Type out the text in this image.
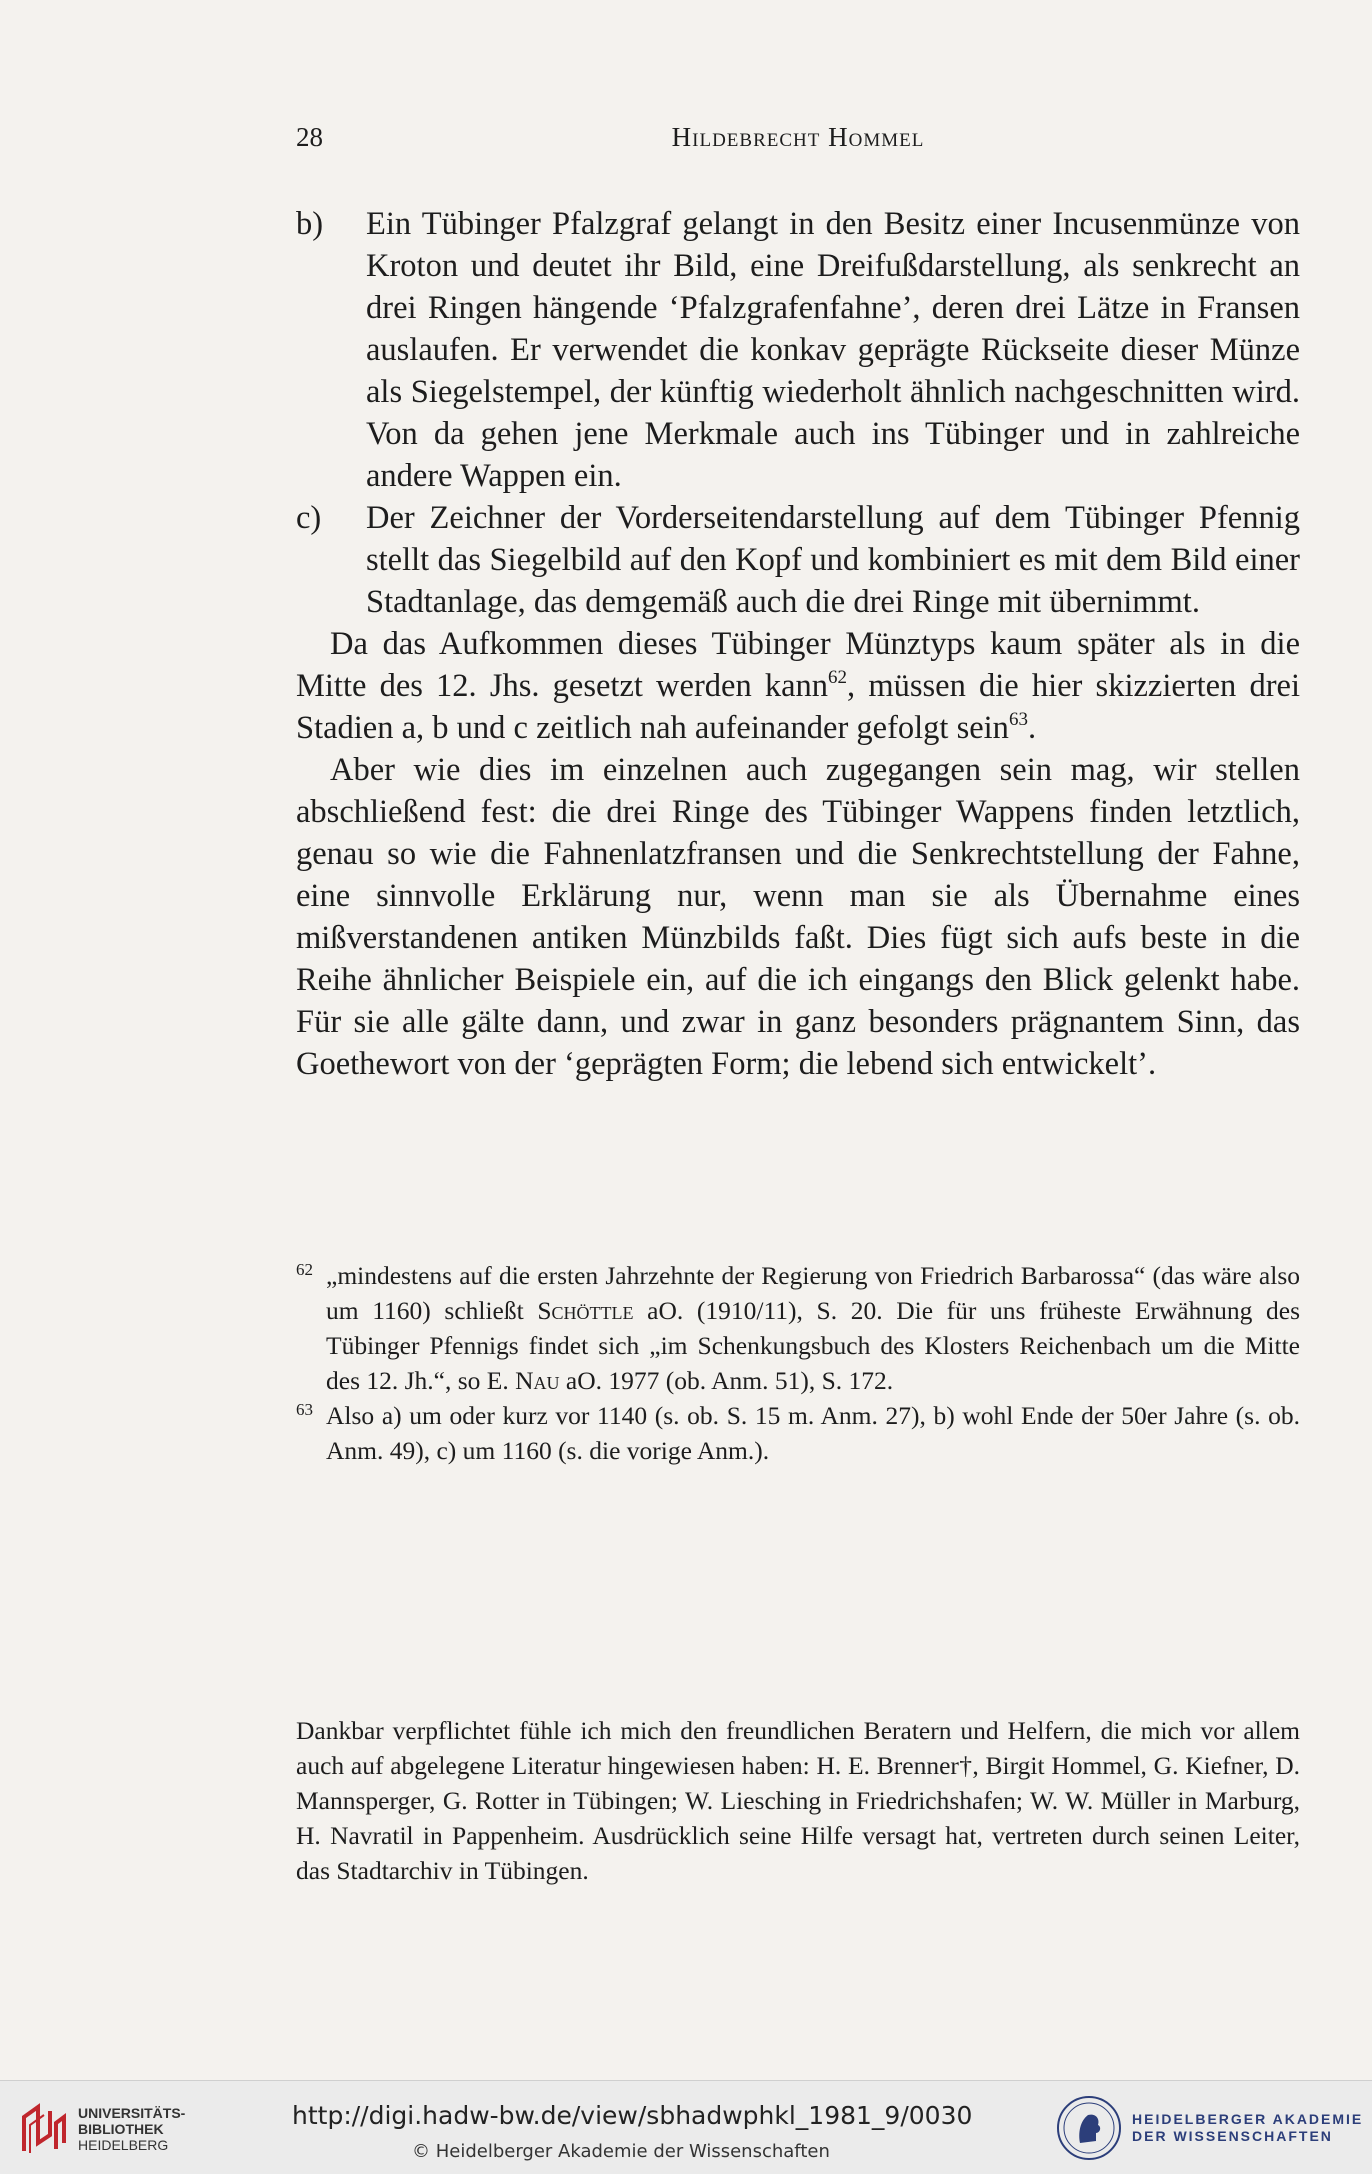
28	Hildebrecht Hommel
b)	Ein Tübinger Pfalzgraf gelangt in den Besitz einer Incusenmünze von Kroton und deutet ihr Bild, eine Dreifußdarstellung, als senkrecht an drei Ringen hängende ‘Pfalzgrafenfahne’, deren drei Lätze in Fransen auslaufen. Er verwendet die konkav geprägte Rückseite dieser Münze als Siegelstempel, der künftig wiederholt ähnlich nachgeschnitten wird. Von da gehen jene Merkmale auch ins Tübinger und in zahlreiche andere Wappen ein.
c)	Der Zeichner der Vorderseitendarstellung auf dem Tübinger Pfennig stellt das Siegelbild auf den Kopf und kombiniert es mit dem Bild einer Stadtanlage, das demgemäß auch die drei Ringe mit übernimmt.

Da das Aufkommen dieses Tübinger Münztyps kaum später als in die Mitte des 12. Jhs. gesetzt werden kann$^{62}$, müssen die hier skizzierten drei Stadien a, b und c zeitlich nah aufeinander gefolgt sein$^{63}$.

Aber wie dies im einzelnen auch zugegangen sein mag, wir stellen abschließend fest: die drei Ringe des Tübinger Wappens finden letztlich, genau so wie die Fahnenlatzfransen und die Senkrechtstellung der Fahne, eine sinnvolle Erklärung nur, wenn man sie als Übernahme eines mißverstandenen antiken Münzbilds faßt. Dies fügt sich aufs beste in die Reihe ähnlicher Beispiele ein, auf die ich eingangs den Blick gelenkt habe. Für sie alle gälte dann, und zwar in ganz besonders prägnantem Sinn, das Goethewort von der ‘geprägten Form; die lebend sich entwickelt’.

62 „mindestens auf die ersten Jahrzehnte der Regierung von Friedrich Barbarossa“ (das wäre also um 1160) schließt Schöttle aO. (1910/11), S. 20. Die für uns früheste Erwähnung des Tübinger Pfennigs findet sich „im Schenkungsbuch des Klosters Reichenbach um die Mitte des 12. Jh.“, so E. Nau aO. 1977 (ob. Anm. 51), S. 172.
63 Also a) um oder kurz vor 1140 (s. ob. S. 15 m. Anm. 27), b) wohl Ende der 50er Jahre (s. ob. Anm. 49), c) um 1160 (s. die vorige Anm.).
Dankbar verpflichtet fühle ich mich den freundlichen Beratern und Helfern, die mich vor allem auch auf abgelegene Literatur hingewiesen haben: H. E. Brenner†, Birgit Hommel, G. Kiefner, D. Mannsperger, G. Rotter in Tübingen; W. Liesching in Friedrichshafen; W. W. Müller in Marburg, H. Navratil in Pappenheim. Ausdrücklich seine Hilfe versagt hat, vertreten durch seinen Leiter, das Stadtarchiv in Tübingen.
UNIVERSITÄTS-
BIBLIOTHEK
HEIDELBERG
http://digi.hadw-bw.de/view/sbhadwphkl_1981_9/0030
© Heidelberger Akademie der Wissenschaften
HEIDELBERGER AKADEMIE
DER WISSENSCHAFTEN
